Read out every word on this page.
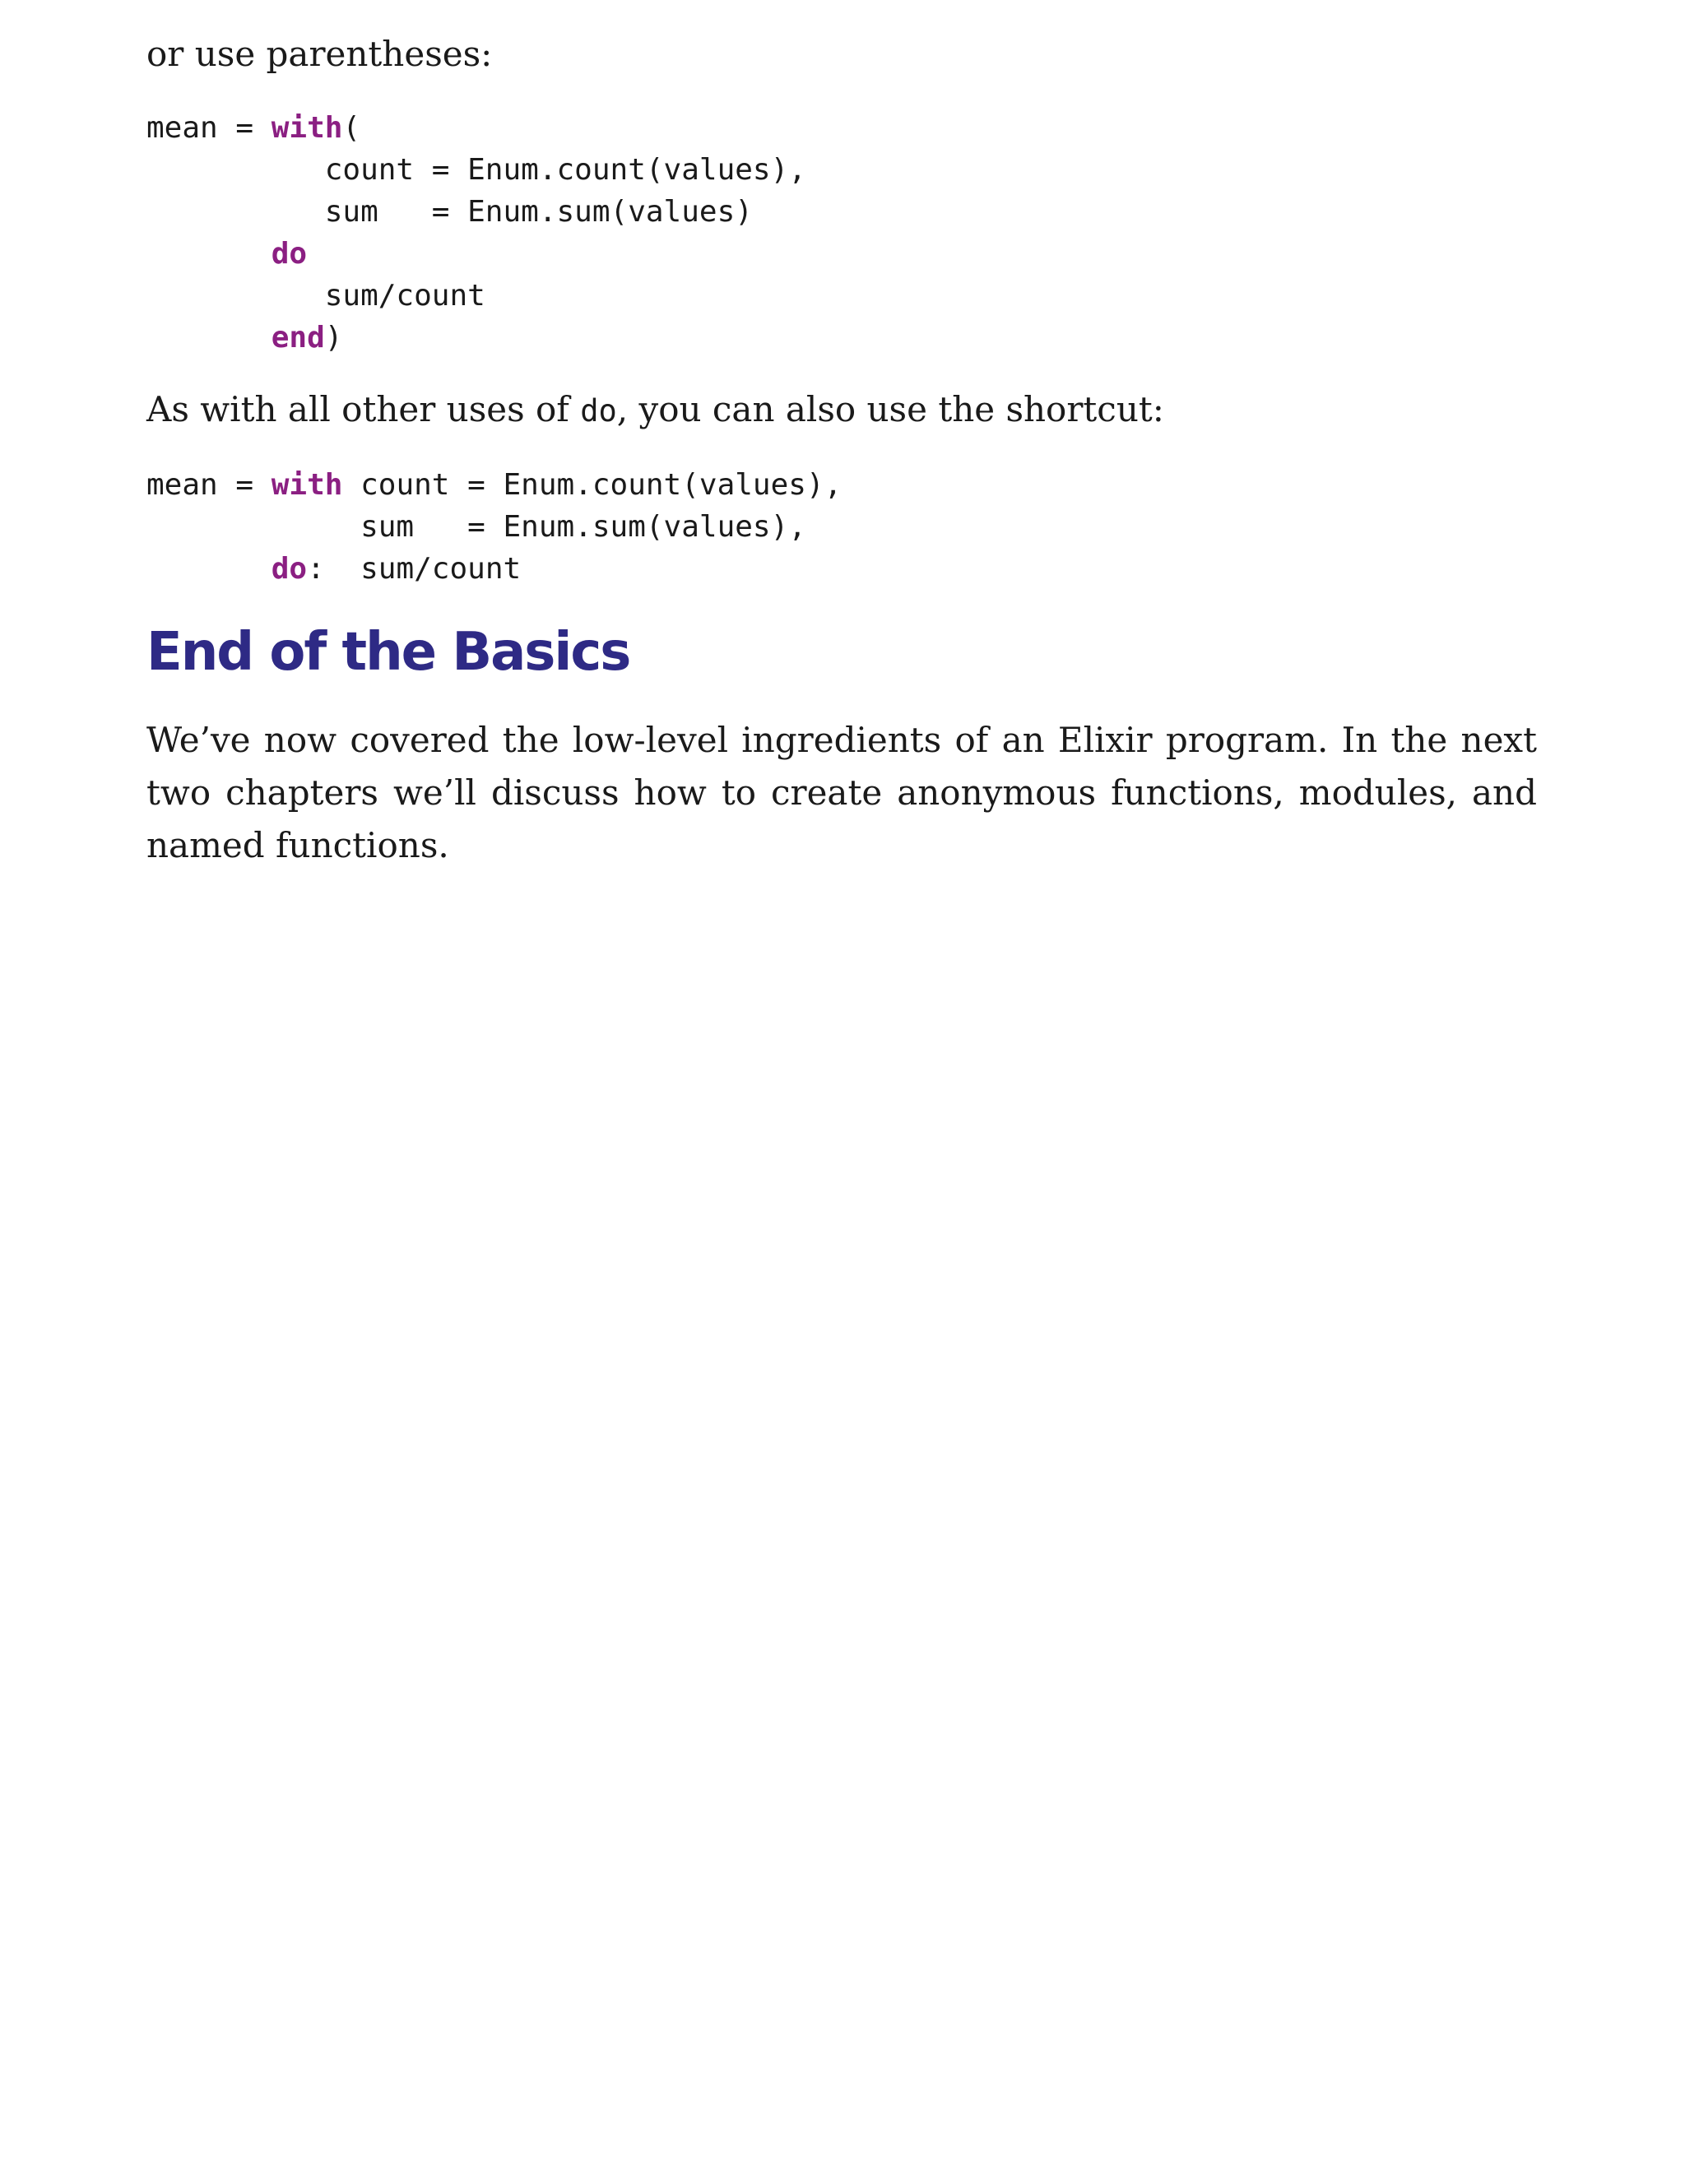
or use parentheses:

mean = with(
count = Enum.count(values),
sum   = Enum.sum(values)
do
sum/count
end)

As with all other uses of do, you can also use the shortcut:

mean = with count = Enum.count(values),
sum   = Enum.sum(values),
do:  sum/count
End of the Basics

We’ve now covered the low-level ingredients of an Elixir program. In the next two chapters we’ll discuss how to create anonymous functions, modules, and named functions.
